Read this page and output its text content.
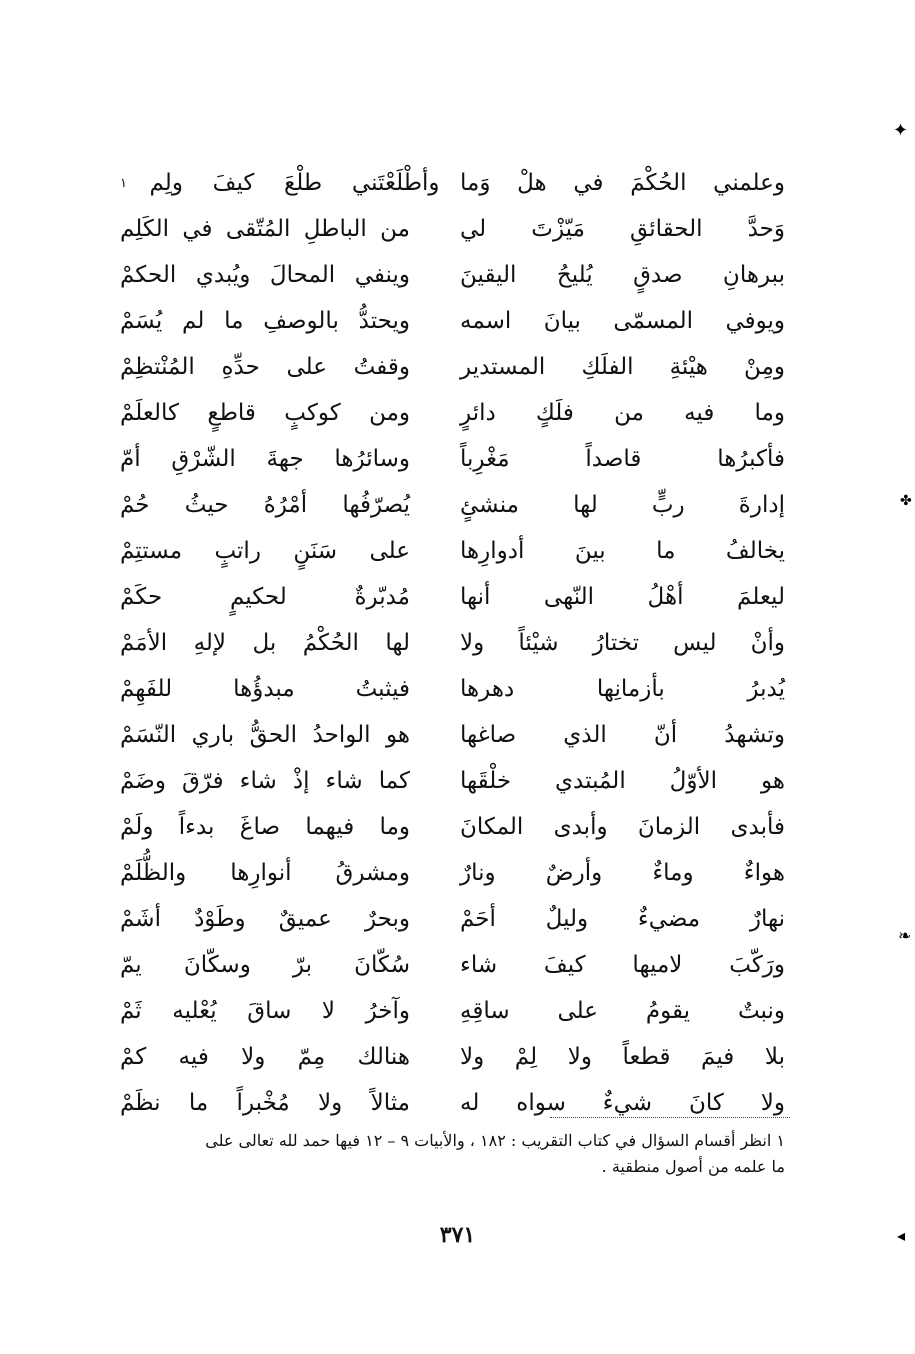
✦
✤
❧
◂
وعلمني الحُكْمَ في هلْ وَما
وأطْلَعْتَني طلْعَ كيفَ ولِم
١
وَحدَّ الحقائقِ مَيّزْتَ لي
من الباطلِ المُتّقى في الكَلِم
ببرهانِ صدقٍ يُليحُ اليقينَ
وينفي المحالَ ويُبدي الحكمْ
ويوفي المسمّى بيانَ اسمه
ويحتدُّ بالوصفِ ما لم يُسَمْ
ومِنْ هيْئةِ الفلَكِ المستدير
وقفتُ على حدِّهِ المُنْتظِمْ
وما فيه من فلَكٍ دائرٍ
ومن كوكبٍ قاطعٍ كالعلَمْ
فأكبرُها قاصداً مَغْرِباً
وسائرُها جهةَ الشّرْقِ أمّ
إدارةَ ربٍّ لها منشئٍ
يُصرّفُها أمْرُهُ حيثُ حُمْ
يخالفُ ما بينَ أدوارِها
على سَنَنٍ راتبٍ مستتِمْ
ليعلمَ أهْلُ النّهى أنها
مُدبّرةٌ لحكيمٍ حكَمْ
وأنْ ليس تختارُ شيْئاً ولا
لها الحُكْمُ بل لإلهِ الأمَمْ
يُدبرُ بأزمانِها دهرها
فيثبتُ مبدؤُها للفَهِمْ
وتشهدُ أنّ الذي صاغها
هو الواحدُ الحقُّ باري النّسَمْ
هو الأوّلُ المُبتدي خلْقَها
كما شاء إذْ شاء فرّقَ وضَمْ
فأبدى الزمانَ وأبدى المكانَ
وما فيهما صاغَ بدءاً ولَمْ
هواءٌ وماءٌ وأرضٌ ونارٌ
ومشرقُ أنوارِها والظُّلَمْ
نهارٌ مضيءٌ وليلٌ أحَمْ
وبحرٌ عميقٌ وطَوْدٌ أشَمْ
ورَكّبَ لاميها كيفَ شاء
سُكّانَ برّ وسكّانَ يمّ
ونبتٌ يقومُ على ساقِهِ
وآخرُ لا ساقَ يُعْليه ثَمْ
بلا فيمَ قطعاً ولا لِمْ ولا
هنالك مِمّ ولا فيه كمْ
ولا كانَ شيءٌ سواه له
مثالاً ولا مُخْبراً ما نظَمْ
١ انظر أقسام السؤال في كتاب التقريب : ١٨٢ ، والأبيات ٩ – ١٢ فيها حمد لله تعالى على
ما علمه من أصول منطقية .
٣٧١
